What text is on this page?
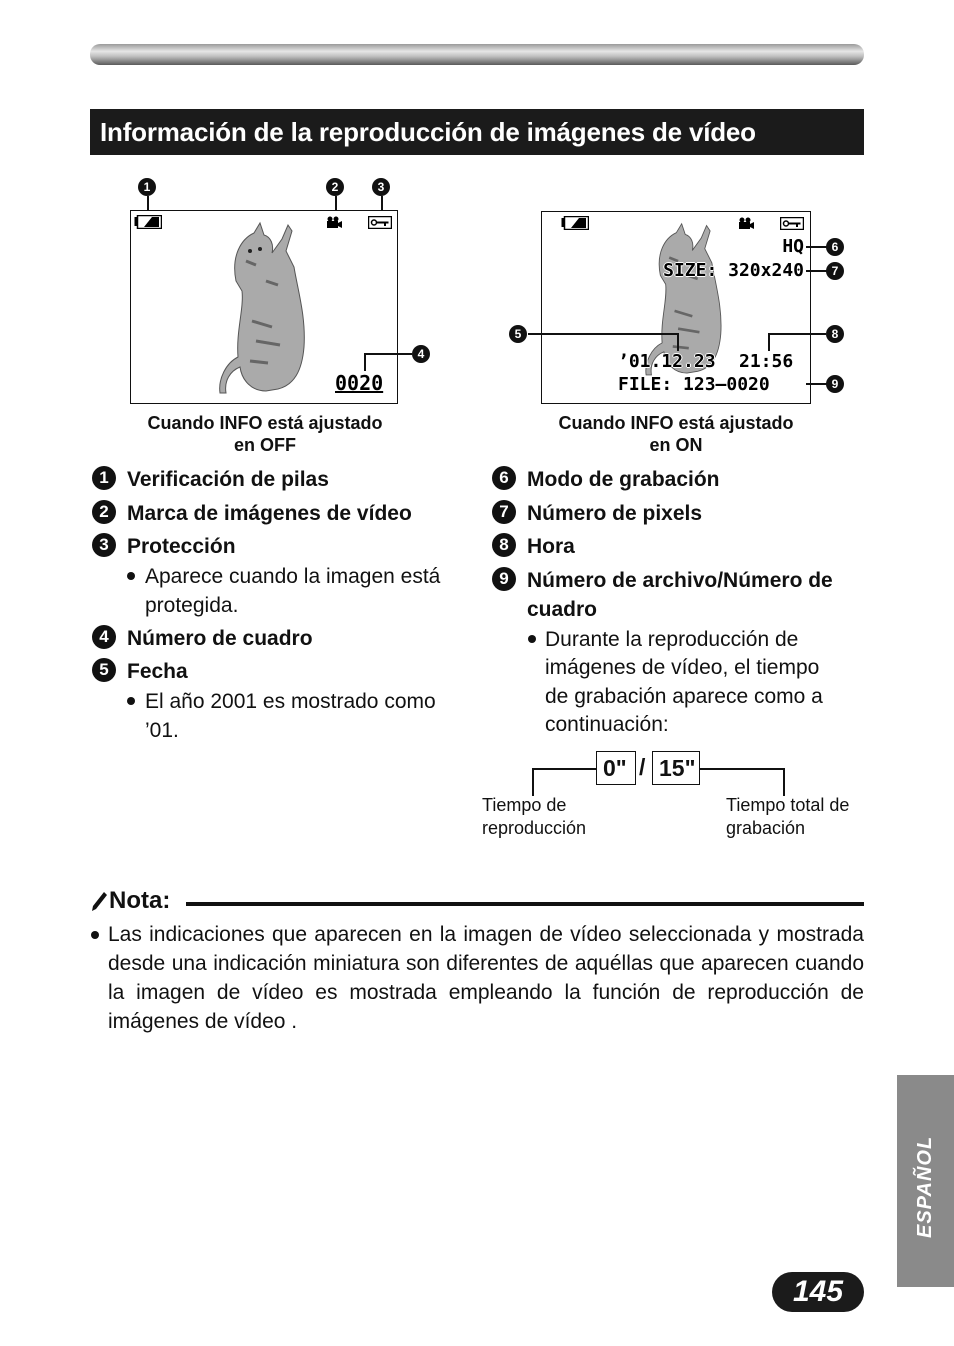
Información de la reproducción de imágenes de vídeo
1	2	3
0020
4
Cuando INFO está ajustado
en OFF
HQ
SIZE: 320x240
’01.12.23 21:56
FILE: 123–0020
6
7
5	8
9
Cuando INFO está ajustado
en ON
1 Verificación de pilas
2 Marca de imágenes de vídeo
3 Protección
Aparece cuando la imagen está
protegida.
4 Número de cuadro
5 Fecha
El año 2001 es mostrado como
’01.
6 Modo de grabación
7 Número de pixels
8 Hora
9 Número de archivo/Número de
cuadro
Durante la reproducción de
imágenes de vídeo, el tiempo
de grabación aparece como a
continuación:
0" / 15"
Tiempo de
reproducción
Tiempo total de
grabación
Nota:
Las indicaciones que aparecen en la imagen de vídeo seleccionada y mostrada desde una indicación miniatura son diferentes de aquéllas que aparecen cuando la imagen de vídeo es mostrada empleando la función de reproducción de imágenes de vídeo .
ESPAÑOL
145
